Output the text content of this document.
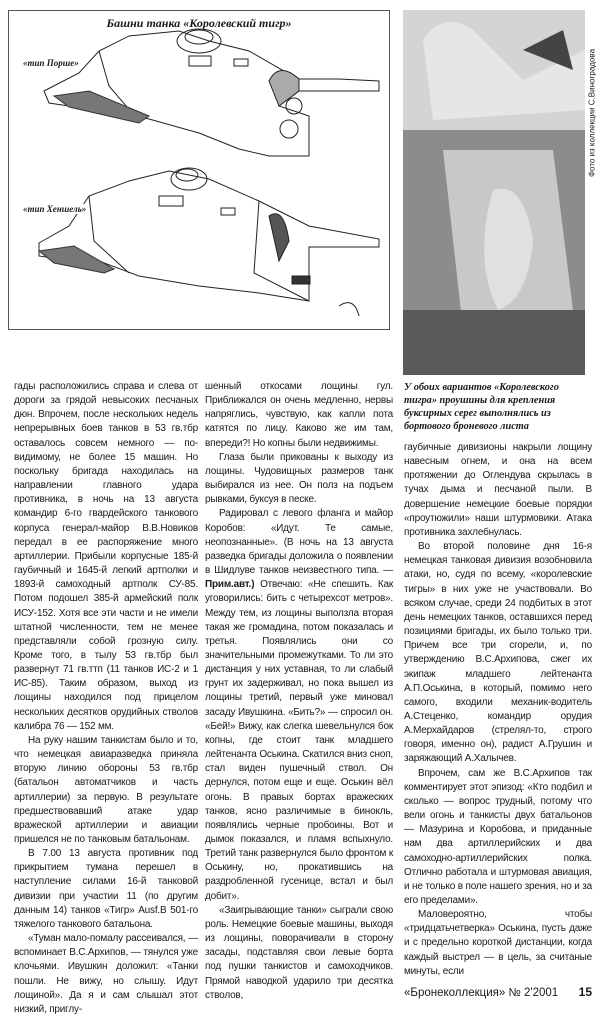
Башни танка «Королевский тигр»
«тип Порше»
«тип Хеншель»
Фото из коллекции С.Виноградова

гады расположились справа и слева от дороги за грядой невысоких песчаных дюн. Впрочем, после нескольких недель непрерывных боев танков в 53 гв.тбр оставалось совсем немного — по-видимому, не более 15 машин. Но поскольку бригада находилась на направлении главного удара противника, в ночь на 13 августа командир 6-го гвардейского танкового корпуса генерал-майор В.В.Новиков передал в ее распоряжение много артиллерии. Прибыли корпусные 185-й гаубичный и 1645-й легкий артполки и 1893-й самоходный артполк СУ-85. Потом подошел 385-й армейский полк ИСУ-152. Хотя все эти части и не имели штатной численности, тем не менее представляли собой грозную силу. Кроме того, в тылу 53 гв.тбр был развернут 71 гв.ттп (11 танков ИС-2 и 1 ИС-85). Таким образом, выход из лощины находился под прицелом нескольких десятков орудийных стволов калибра 76 — 152 мм.

На руку нашим танкистам было и то, что немецкая авиаразведка приняла вторую линию обороны 53 гв.тбр (батальон автоматчиков и часть артиллерии) за первую. В результате предшествовавший атаке удар вражеской артиллерии и авиации пришелся не по танковым батальонам.

В 7.00 13 августа противник под прикрытием тумана перешел в наступление силами 16-й танковой дивизии при участии 11 (по другим данным 14) танков «Тигр» Ausf.B 501-го тяжелого танкового батальона.

«Туман мало-помалу рассеивался, — вспоминает В.С.Архипов, — тянулся уже клочьями. Ивушкин доложил: «Танки пошли. Не вижу, но слышу. Идут лощиной». Да я и сам слышал этот низкий, приглу-

шенный откосами лощины гул. Приближался он очень медленно, нервы напряглись, чувствую, как капли пота катятся по лицу. Каково же им там, впереди?! Но копны были недвижимы.

Глаза были прикованы к выходу из лощины. Чудовищных размеров танк выбирался из нее. Он полз на подъем рывками, буксуя в песке.

Радировал с левого фланга и майор Коробов: «Идут. Те самые, неопознанные». (В ночь на 13 августа разведка бригады доложила о появлении в Шидлуве танков неизвестного типа. — Прим.авт.) Отвечаю: «Не спешить. Как уговорились: бить с четырехсот метров». Между тем, из лощины выползла вторая такая же громадина, потом показалась и третья. Появлялись они со значительными промежутками. То ли это дистанция у них уставная, то ли слабый грунт их задерживал, но пока вышел из лощины третий, первый уже миновал засаду Ивушкина. «Бить?» — спросил он. «Бей!» Вижу, как слегка шевельнулся бок копны, где стоит танк младшего лейтенанта Оськина. Скатился вниз сноп, стал виден пушечный ствол. Он дернулся, потом еще и еще. Оськин вёл огонь. В правых бортах вражеских танков, ясно различимые в бинокль, появлялись черные пробоины. Вот и дымок показался, и пламя вспыхнуло. Третий танк развернулся было фронтом к Оськину, но, прокатившись на раздробленной гусенице, встал и был добит».

«Заигрывающие танки» сыграли свою роль. Немецкие боевые машины, выходя из лощины, поворачивали в сторону засады, подставляя свои левые борта под пушки танкистов и самоходчиков. Прямой наводкой ударило три десятка стволов,

У обоих вариантов «Королевского тигра» проушины для крепления буксирных серег выполнялись из бортового броневого листа

гаубичные дивизионы накрыли лощину навесным огнем, и она на всем протяжении до Оглендува скрылась в тучах дыма и песчаной пыли. В довершение немецкие боевые порядки «проутюжили» наши штурмовики. Атака противника захлебнулась.

Во второй половине дня 16-я немецкая танковая дивизия возобновила атаки, но, судя по всему, «королевские тигры» в них уже не участвовали. Во всяком случае, среди 24 подбитых в этот день немецких танков, оставшихся перед позициями бригады, их было только три. Причем все три сгорели, и, по утверждению В.С.Архипова, сжег их экипаж младшего лейтенанта А.П.Оськина, в который, помимо него самого, входили механик-водитель А.Стеценко, командир орудия А.Мерхайдаров (стрелял-то, строго говоря, именно он), радист А.Грушин и заряжающий А.Халычев.

Впрочем, сам же В.С.Архипов так комментирует этот эпизод: «Кто подбил и сколько — вопрос трудный, потому что вели огонь и танкисты двух батальонов — Мазурина и Коробова, и приданные нам два артиллерийских и два самоходно-артиллерийских полка. Отлично работала и штурмовая авиация, и не только в поле нашего зрения, но и за его пределами».

Маловероятно, чтобы «тридцатьчетверка» Оськина, пусть даже и с предельно короткой дистанции, когда каждый выстрел — в цель, за считаные минуты, если

«Бронеколлекция» № 2'2001 15
